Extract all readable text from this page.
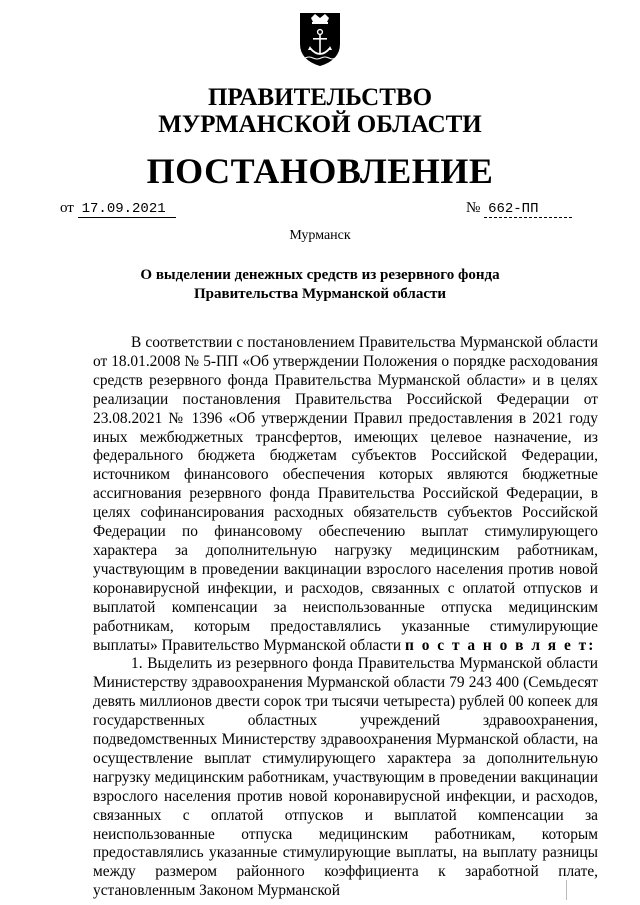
ПРАВИТЕЛЬСТВО
МУРМАНСКОЙ ОБЛАСТИ
ПОСТАНОВЛЕНИЕ
от 17.09.2021	№ 662-ПП
Мурманск
О выделении денежных средств из резервного фонда
Правительства Мурманской области

В соответствии с постановлением Правительства Мурманской области от 18.01.2008 № 5-ПП «Об утверждении Положения о порядке расходования средств резервного фонда Правительства Мурманской области» и в целях реализации постановления Правительства Российской Федерации от 23.08.2021 № 1396 «Об утверждении Правил предоставления в 2021 году иных межбюджетных трансфертов, имеющих целевое назначение, из федерального бюджета бюджетам субъектов Российской Федерации, источником финансового обеспечения которых являются бюджетные ассигнования резервного фонда Правительства Российской Федерации, в целях софинансирования расходных обязательств субъектов Российской Федерации по финансовому обеспечению выплат стимулирующего характера за дополнительную нагрузку медицинским работникам, участвующим в проведении вакцинации взрослого населения против новой коронавирусной инфекции, и расходов, связанных с оплатой отпусков и выплатой компенсации за неиспользованные отпуска медицинским работникам, которым предоставлялись указанные стимулирующие выплаты» Правительство Мурманской области п о с т а н о в л я е т:

1. Выделить из резервного фонда Правительства Мурманской области Министерству здравоохранения Мурманской области 79 243 400 (Семьдесят девять миллионов двести сорок три тысячи четыреста) рублей 00 копеек для государственных областных учреждений здравоохранения, подведомственных Министерству здравоохранения Мурманской области, на осуществление выплат стимулирующего характера за дополнительную нагрузку медицинским работникам, участвующим в проведении вакцинации взрослого населения против новой коронавирусной инфекции, и расходов, связанных с оплатой отпусков и выплатой компенсации за неиспользованные отпуска медицинским работникам, которым предоставлялись указанные стимулирующие выплаты, на выплату разницы между размером районного коэффициента к заработной плате, установленным Законом Мурманской
